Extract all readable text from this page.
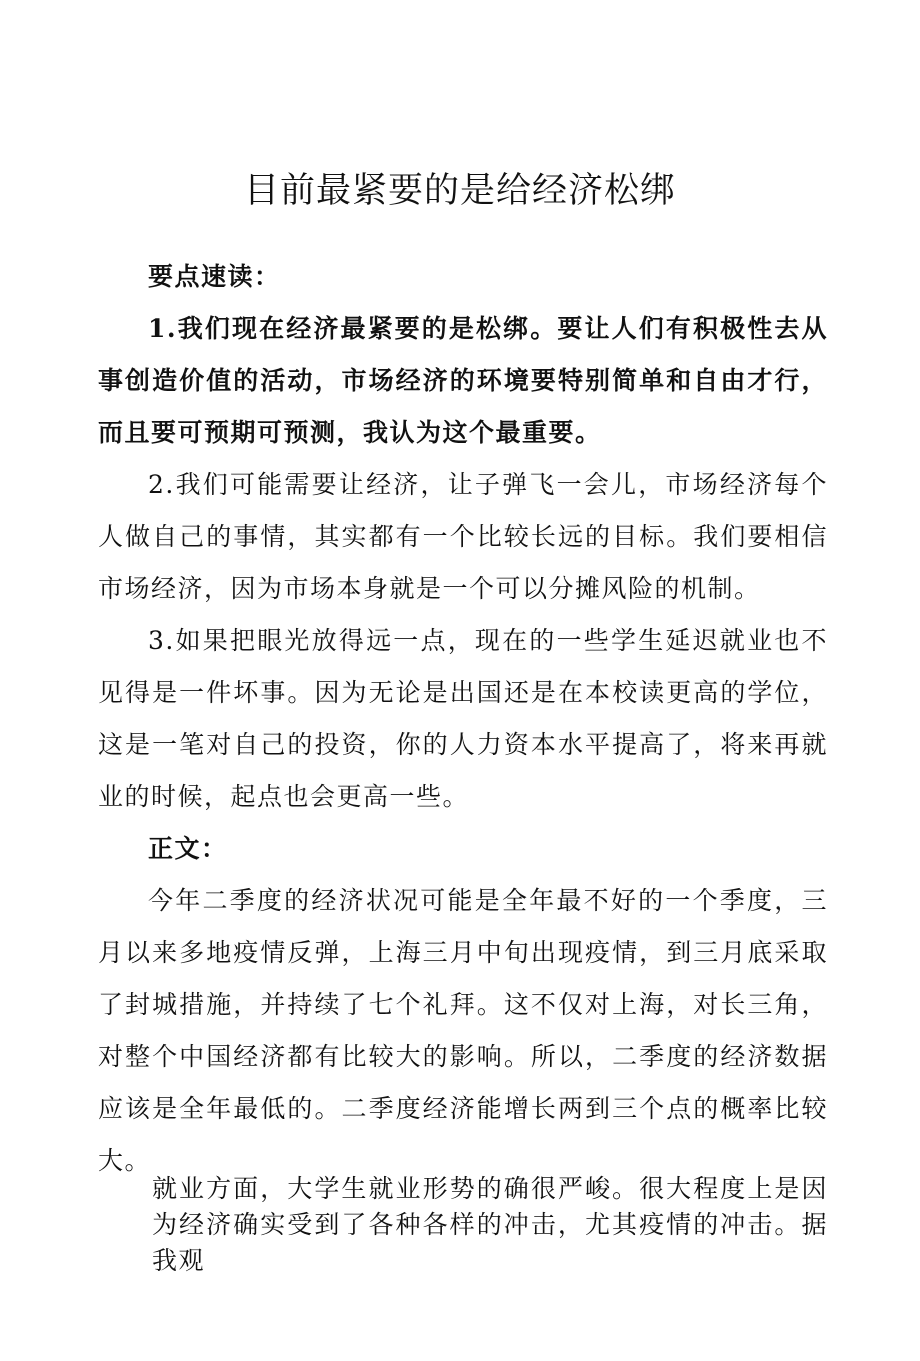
目前最紧要的是给经济松绑

要点速读：

1.我们现在经济最紧要的是松绑。要让人们有积极性去从事创造价值的活动，市场经济的环境要特别简单和自由才行，而且要可预期可预测，我认为这个最重要。

2.我们可能需要让经济，让子弹飞一会儿，市场经济每个人做自己的事情，其实都有一个比较长远的目标。我们要相信市场经济，因为市场本身就是一个可以分摊风险的机制。

3.如果把眼光放得远一点，现在的一些学生延迟就业也不见得是一件坏事。因为无论是出国还是在本校读更高的学位，这是一笔对自己的投资，你的人力资本水平提高了，将来再就业的时候，起点也会更高一些。

正文：

今年二季度的经济状况可能是全年最不好的一个季度，三月以来多地疫情反弹，上海三月中旬出现疫情，到三月底采取了封城措施，并持续了七个礼拜。这不仅对上海，对长三角，对整个中国经济都有比较大的影响。所以，二季度的经济数据应该是全年最低的。二季度经济能增长两到三个点的概率比较大。

就业方面，大学生就业形势的确很严峻。很大程度上是因为经济确实受到了各种各样的冲击，尤其疫情的冲击。据我观
